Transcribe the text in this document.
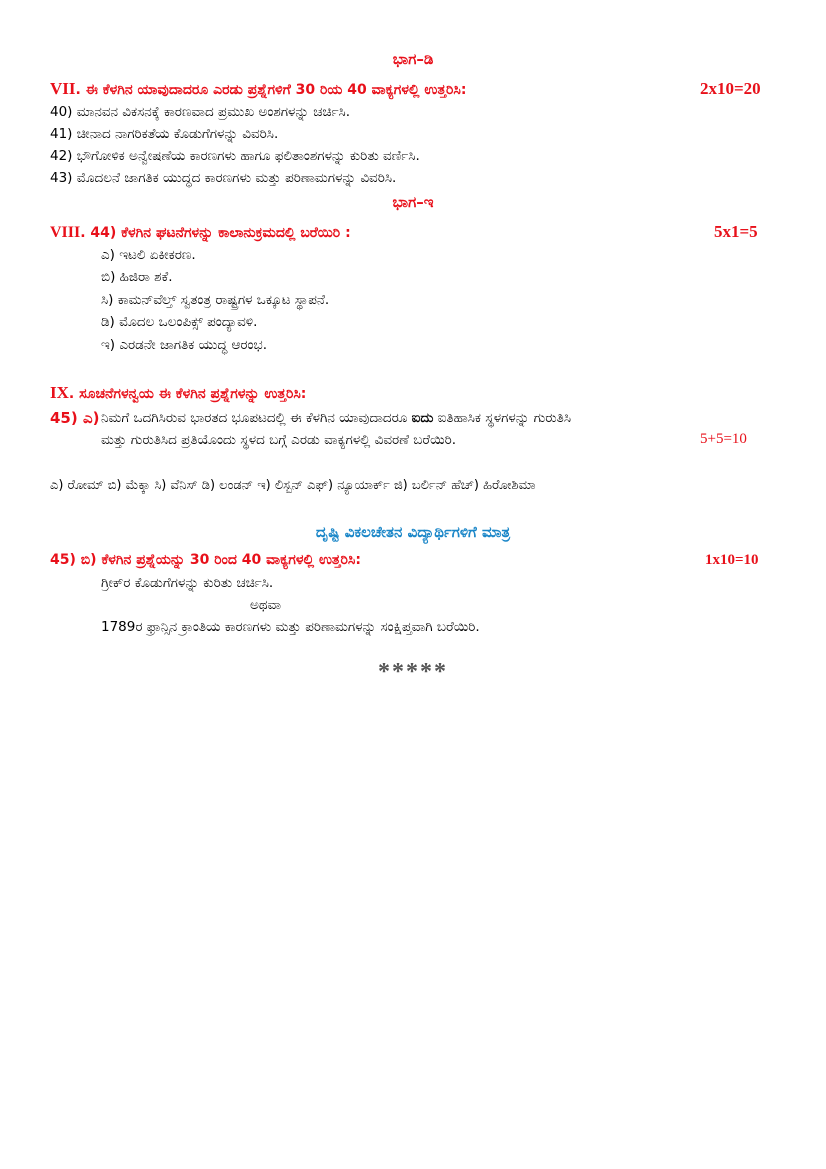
ಭಾಗ–ಡಿ
VII. ಈ ಕೆಳಗಿನ ಯಾವುದಾದರೂ ಎರಡು ಪ್ರಶ್ನೆಗಳಿಗೆ 30 ರಿಯ 40 ವಾಕ್ಯಗಳಲ್ಲಿ ಉತ್ತರಿಸಿ:	2x10=20
40) ಮಾನವನ ವಿಕಸನಕ್ಕೆ ಕಾರಣವಾದ ಪ್ರಮುಖ ಅಂಶಗಳನ್ನು ಚರ್ಚಿಸಿ.
41) ಚೀನಾದ ನಾಗರಿಕತೆಯ ಕೊಡುಗೆಗಳನ್ನು ವಿವರಿಸಿ.
42) ಭೌಗೋಳಿಕ ಅನ್ವೇಷಣೆಯ ಕಾರಣಗಳು ಹಾಗೂ ಫಲಿತಾಂಶಗಳನ್ನು ಕುರಿತು ವರ್ಣಿಸಿ.
43) ಮೊದಲನೆ ಜಾಗತಿಕ ಯುದ್ಧದ ಕಾರಣಗಳು ಮತ್ತು ಪರಿಣಾಮಗಳನ್ನು ವಿವರಿಸಿ.
ಭಾಗ–ಇ
VIII. 44) ಕೆಳಗಿನ ಘಟನೆಗಳನ್ನು ಕಾಲಾನುಕ್ರಮದಲ್ಲಿ ಬರೆಯಿರಿ :	5x1=5
ಎ) ಇಟಲಿ ಏಕೀಕರಣ.
ಬಿ) ಹಿಜಿರಾ ಶಕೆ.
ಸಿ) ಕಾಮನ್‌ವೆಲ್ತ್ ಸ್ವತಂತ್ರ ರಾಷ್ಟ್ರಗಳ ಒಕ್ಕೂಟ ಸ್ಥಾಪನೆ.
ಡಿ) ಮೊದಲ ಒಲಂಪಿಕ್ಸ್ ಪಂದ್ಯಾವಳಿ.
ಇ) ಎರಡನೇ ಜಾಗತಿಕ ಯುದ್ಧ ಆರಂಭ.
IX. ಸೂಚನೆಗಳನ್ವಯ ಈ ಕೆಳಗಿನ ಪ್ರಶ್ನೆಗಳನ್ನು ಉತ್ತರಿಸಿ:
45) ಎ) ನಿಮಗೆ ಒದಗಿಸಿರುವ ಭಾರತದ ಭೂಪಟದಲ್ಲಿ ಈ ಕೆಳಗಿನ ಯಾವುದಾದರೂ ಐದು ಐತಿಹಾಸಿಕ ಸ್ಥಳಗಳನ್ನು ಗುರುತಿಸಿ
ಮತ್ತು ಗುರುತಿಸಿದ ಪ್ರತಿಯೊಂದು ಸ್ಥಳದ ಬಗ್ಗೆ ಎರಡು ವಾಕ್ಯಗಳಲ್ಲಿ ವಿವರಣೆ ಬರೆಯಿರಿ.	5+5=10
ಎ) ರೋಮ್ ಬಿ) ಮೆಕ್ಕಾ ಸಿ) ವೆನಿಸ್ ಡಿ) ಲಂಡನ್ ಇ) ಲಿಸ್ಬನ್ ಎಫ್) ನ್ಯೂಯಾರ್ಕ್ ಜಿ) ಬರ್ಲಿನ್ ಹೆಚ್) ಹಿರೋಶಿಮಾ
ದೃಷ್ಟಿ ವಿಕಲಚೇತನ ವಿದ್ಯಾರ್ಥಿಗಳಿಗೆ ಮಾತ್ರ
45) ಬಿ) ಕೆಳಗಿನ ಪ್ರಶ್ನೆಯನ್ನು 30 ರಿಂದ 40 ವಾಕ್ಯಗಳಲ್ಲಿ ಉತ್ತರಿಸಿ:	1x10=10
ಗ್ರೀಕ್‌ರ ಕೊಡುಗೆಗಳನ್ನು ಕುರಿತು ಚರ್ಚಿಸಿ.
ಅಥವಾ
1789ರ ಫ್ರಾನ್ಸಿನ ಕ್ರಾಂತಿಯ ಕಾರಣಗಳು ಮತ್ತು ಪರಿಣಾಮಗಳನ್ನು ಸಂಕ್ಷಿಪ್ತವಾಗಿ ಬರೆಯಿರಿ.
*****
